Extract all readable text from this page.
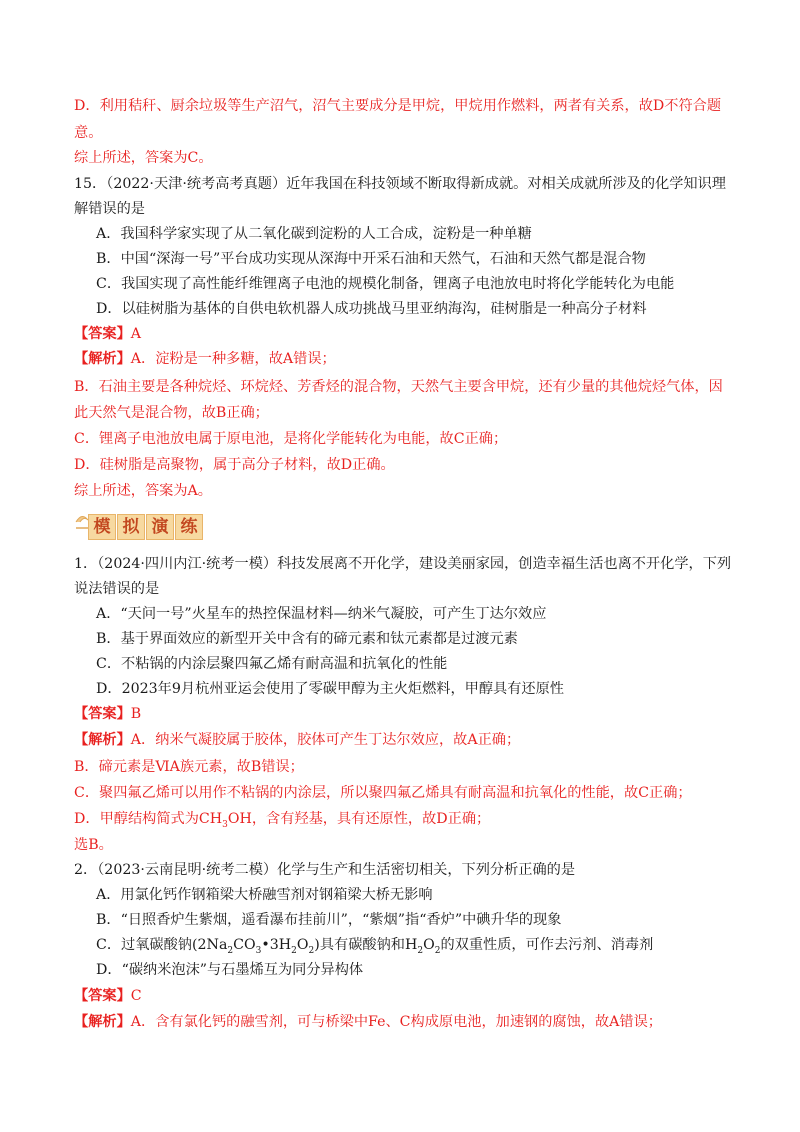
D．利用秸秆、厨余垃圾等生产沼气，沼气主要成分是甲烷，甲烷用作燃料，两者有关系，故D不符合题
意。
综上所述，答案为C。
15．（2022·天津·统考高考真题）近年我国在科技领域不断取得新成就。对相关成就所涉及的化学知识理
解错误的是
A．我国科学家实现了从二氧化碳到淀粉的人工合成，淀粉是一种单糖
B．中国“深海一号”平台成功实现从深海中开采石油和天然气，石油和天然气都是混合物
C．我国实现了高性能纤维锂离子电池的规模化制备，锂离子电池放电时将化学能转化为电能
D．以硅树脂为基体的自供电软机器人成功挑战马里亚纳海沟，硅树脂是一种高分子材料
【答案】A
【解析】A．淀粉是一种多糖，故A错误；
B．石油主要是各种烷烃、环烷烃、芳香烃的混合物，天然气主要含甲烷，还有少量的其他烷烃气体，因
此天然气是混合物，故B正确；
C．锂离子电池放电属于原电池，是将化学能转化为电能，故C正确；
D．硅树脂是高聚物，属于高分子材料，故D正确。
综上所述，答案为A。
模 拟 演 练
1．（2024·四川内江·统考一模）科技发展离不开化学，建设美丽家园，创造幸福生活也离不开化学，下列
说法错误的是
A．“天问一号”火星车的热控保温材料—纳米气凝胶，可产生丁达尔效应
B．基于界面效应的新型开关中含有的碲元素和钛元素都是过渡元素
C．不粘锅的内涂层聚四氟乙烯有耐高温和抗氧化的性能
D．2023年9月杭州亚运会使用了零碳甲醇为主火炬燃料，甲醇具有还原性
【答案】B
【解析】A．纳米气凝胶属于胶体，胶体可产生丁达尔效应，故A正确；
B．碲元素是ⅥA族元素，故B错误；
C．聚四氟乙烯可以用作不粘锅的内涂层，所以聚四氟乙烯具有耐高温和抗氧化的性能，故C正确；
D．甲醇结构简式为$CH_3OH$，含有羟基，具有还原性，故D正确；
选B。
2．（2023·云南昆明·统考二模）化学与生产和生活密切相关，下列分析正确的是
A．用氯化钙作钢箱梁大桥融雪剂对钢箱梁大桥无影响
B．“日照香炉生紫烟，遥看瀑布挂前川”，“紫烟”指“香炉”中碘升华的现象
C．过氧碳酸钠$(2Na_2CO_3•3H_2O_2)$具有碳酸钠和$H_2O_2$的双重性质，可作去污剂、消毒剂
D．“碳纳米泡沫”与石墨烯互为同分异构体
【答案】C
【解析】A．含有氯化钙的融雪剂，可与桥梁中Fe、C构成原电池，加速钢的腐蚀，故A错误；
